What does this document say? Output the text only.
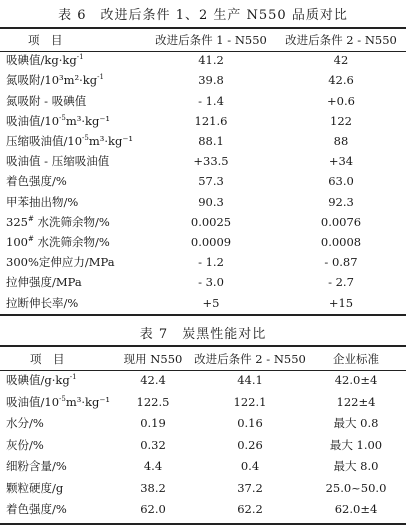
表 6　改进后条件 1、2 生产 N550 品质对比
项　目	改进后条件 1 - N550	改进后条件 2 - N550
吸碘值$/kg\cdot kg^{-1}$	41.2	42
氮吸附$/10^3m^2\cdot kg^{-1}$	39.8	42.6
氮吸附 - 吸碘值	- 1.4	+0.6
吸油值$/10^{-5}m^3\cdot kg^{-1}$	121.6	122
压缩吸油值$/10^{-5}m^3\cdot kg^{-1}$	88.1	88
吸油值 - 压缩吸油值	+33.5	+34
着色强度/%	57.3	63.0
甲苯抽出物/%	90.3	92.3
325# 水洗筛余物/%	0.0025	0.0076
100# 水洗筛余物/%	0.0009	0.0008
300%定伸应力/MPa	- 1.2	- 0.87
拉伸强度/MPa	- 3.0	- 2.7
拉断伸长率/%	+5	+15
表 7　炭黑性能对比
项　目	现用 N550	改进后条件 2 - N550	企业标准
吸碘值$/g\cdot kg^{-1}$	42.4	44.1	42.0±4
吸油值$/10^{-5}m^3\cdot kg^{-1}$	122.5	122.1	122±4
水分/%	0.19	0.16	最大 0.8
灰份/%	0.32	0.26	最大 1.00
细粉含量/%	4.4	0.4	最大 8.0
颗粒硬度/g	38.2	37.2	25.0~50.0
着色强度/%	62.0	62.2	62.0±4
